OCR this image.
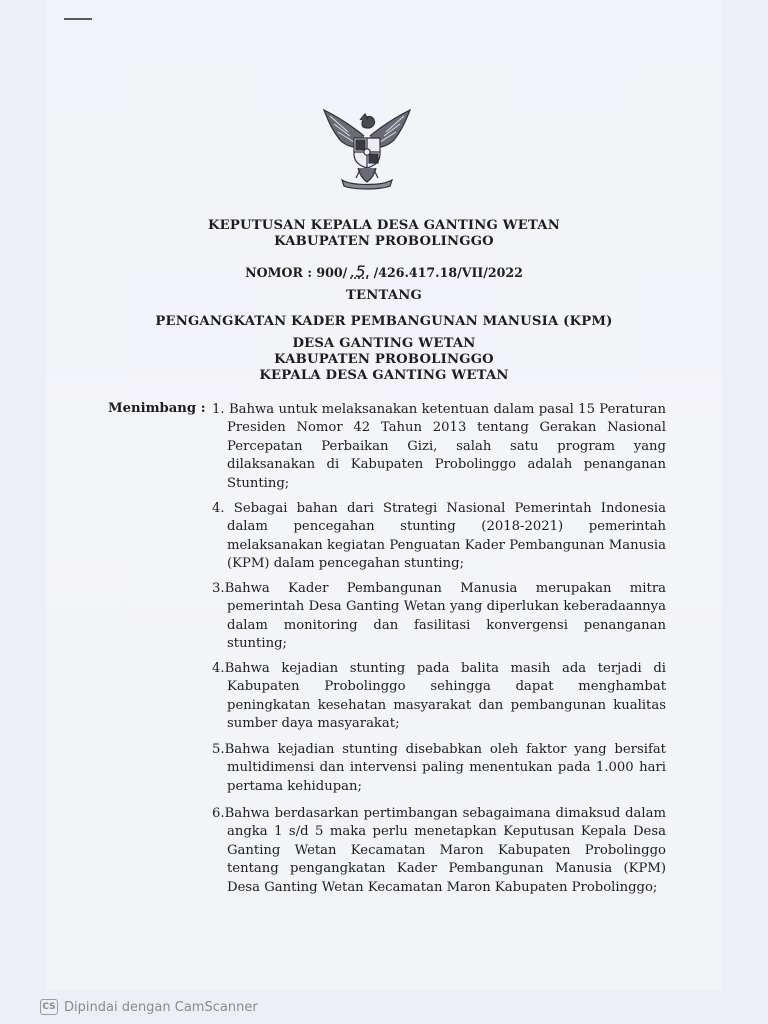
KEPUTUSAN KEPALA DESA GANTING WETAN
KABUPATEN PROBOLINGGO
NOMOR : 900/ .5. /426.417.18/VII/2022
TENTANG
PENGANGKATAN KADER PEMBANGUNAN MANUSIA (KPM)
DESA GANTING WETAN
KABUPATEN PROBOLINGGO
KEPALA DESA GANTING WETAN
Menimbang : 1. Bahwa untuk melaksanakan ketentuan dalam pasal 15 Peraturan Presiden Nomor 42 Tahun 2013 tentang Gerakan Nasional Percepatan Perbaikan Gizi, salah satu program yang dilaksanakan di Kabupaten Probolinggo adalah penanganan Stunting;
4. Sebagai bahan dari Strategi Nasional Pemerintah Indonesia dalam pencegahan stunting (2018-2021) pemerintah melaksanakan kegiatan Penguatan Kader Pembangunan Manusia (KPM) dalam pencegahan stunting;
3.Bahwa Kader Pembangunan Manusia merupakan mitra pemerintah Desa Ganting Wetan yang diperlukan keberadaannya dalam monitoring dan fasilitasi konvergensi penanganan stunting;
4.Bahwa kejadian stunting pada balita masih ada terjadi di Kabupaten Probolinggo sehingga dapat menghambat peningkatan kesehatan masyarakat dan pembangunan kualitas sumber daya masyarakat;
5.Bahwa kejadian stunting disebabkan oleh faktor yang bersifat multidimensi dan intervensi paling menentukan pada 1.000 hari pertama kehidupan;
6.Bahwa berdasarkan pertimbangan sebagaimana dimaksud dalam angka 1 s/d 5 maka perlu menetapkan Keputusan Kepala Desa Ganting Wetan Kecamatan Maron Kabupaten Probolinggo tentang pengangkatan Kader Pembangunan Manusia (KPM) Desa Ganting Wetan Kecamatan Maron Kabupaten Probolinggo;
CS Dipindai dengan CamScanner
